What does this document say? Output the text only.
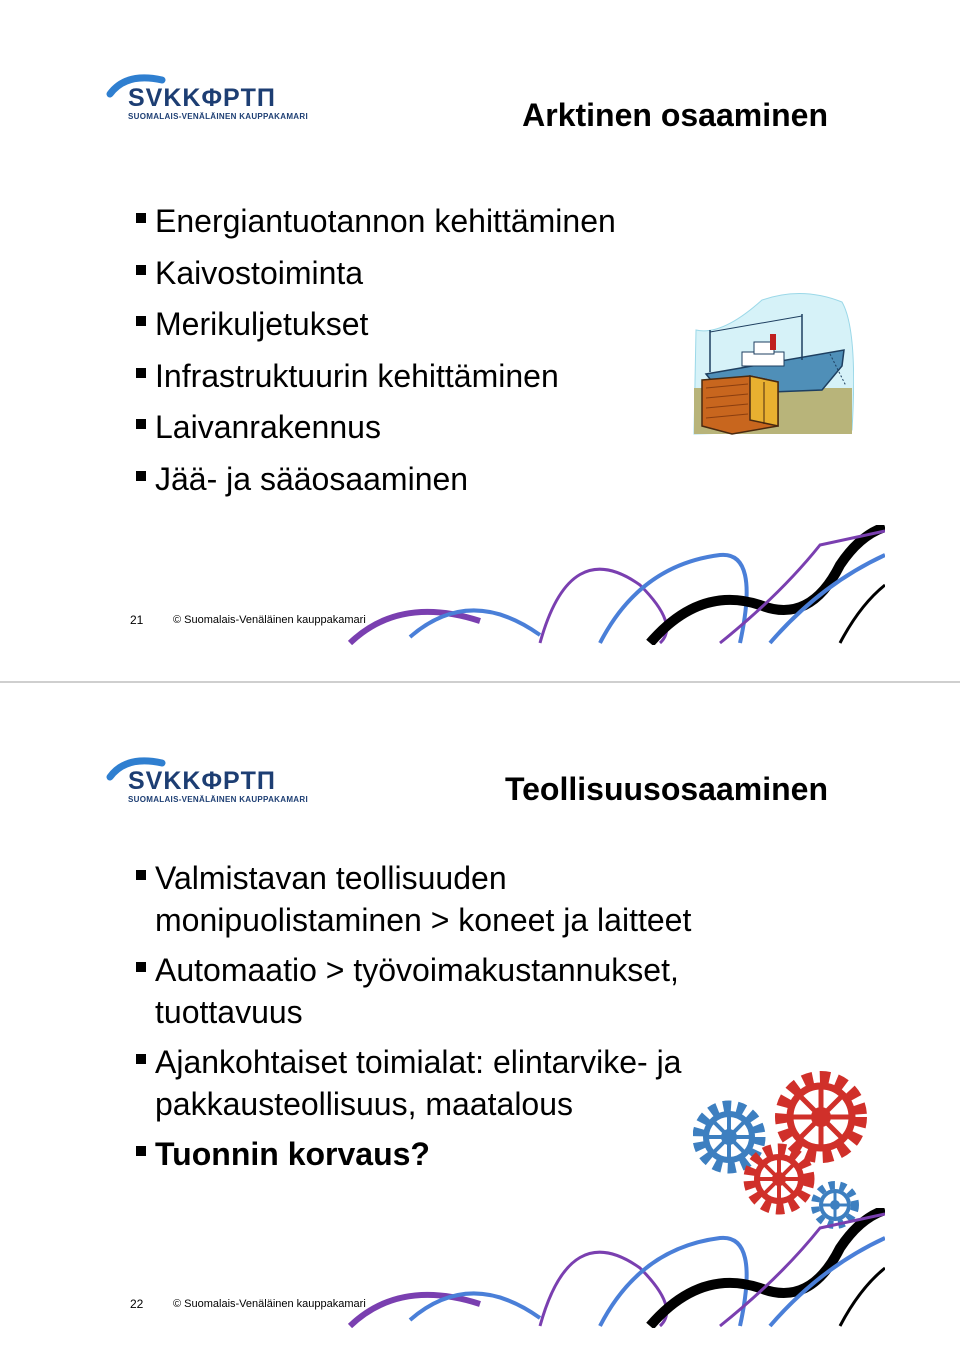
SVKKΦPTΠ
SUOMALAIS-VENÄLÄINEN KAUPPAKAMARI	Arktinen osaaminen
Energiantuotannon kehittäminen
Kaivostoiminta
Merikuljetukset
Infrastruktuurin kehittäminen
Laivanrakennus
Jää- ja sääosaaminen
21	© Suomalais-Venäläinen kauppakamari
SVKKΦPTΠ
SUOMALAIS-VENÄLÄINEN KAUPPAKAMARI	Teollisuusosaaminen
Valmistavan teollisuuden monipuolistaminen > koneet ja laitteet
Automaatio > työvoimakustannukset, tuottavuus
Ajankohtaiset toimialat: elintarvike- ja pakkausteollisuus, maatalous
Tuonnin korvaus?
22	© Suomalais-Venäläinen kauppakamari
